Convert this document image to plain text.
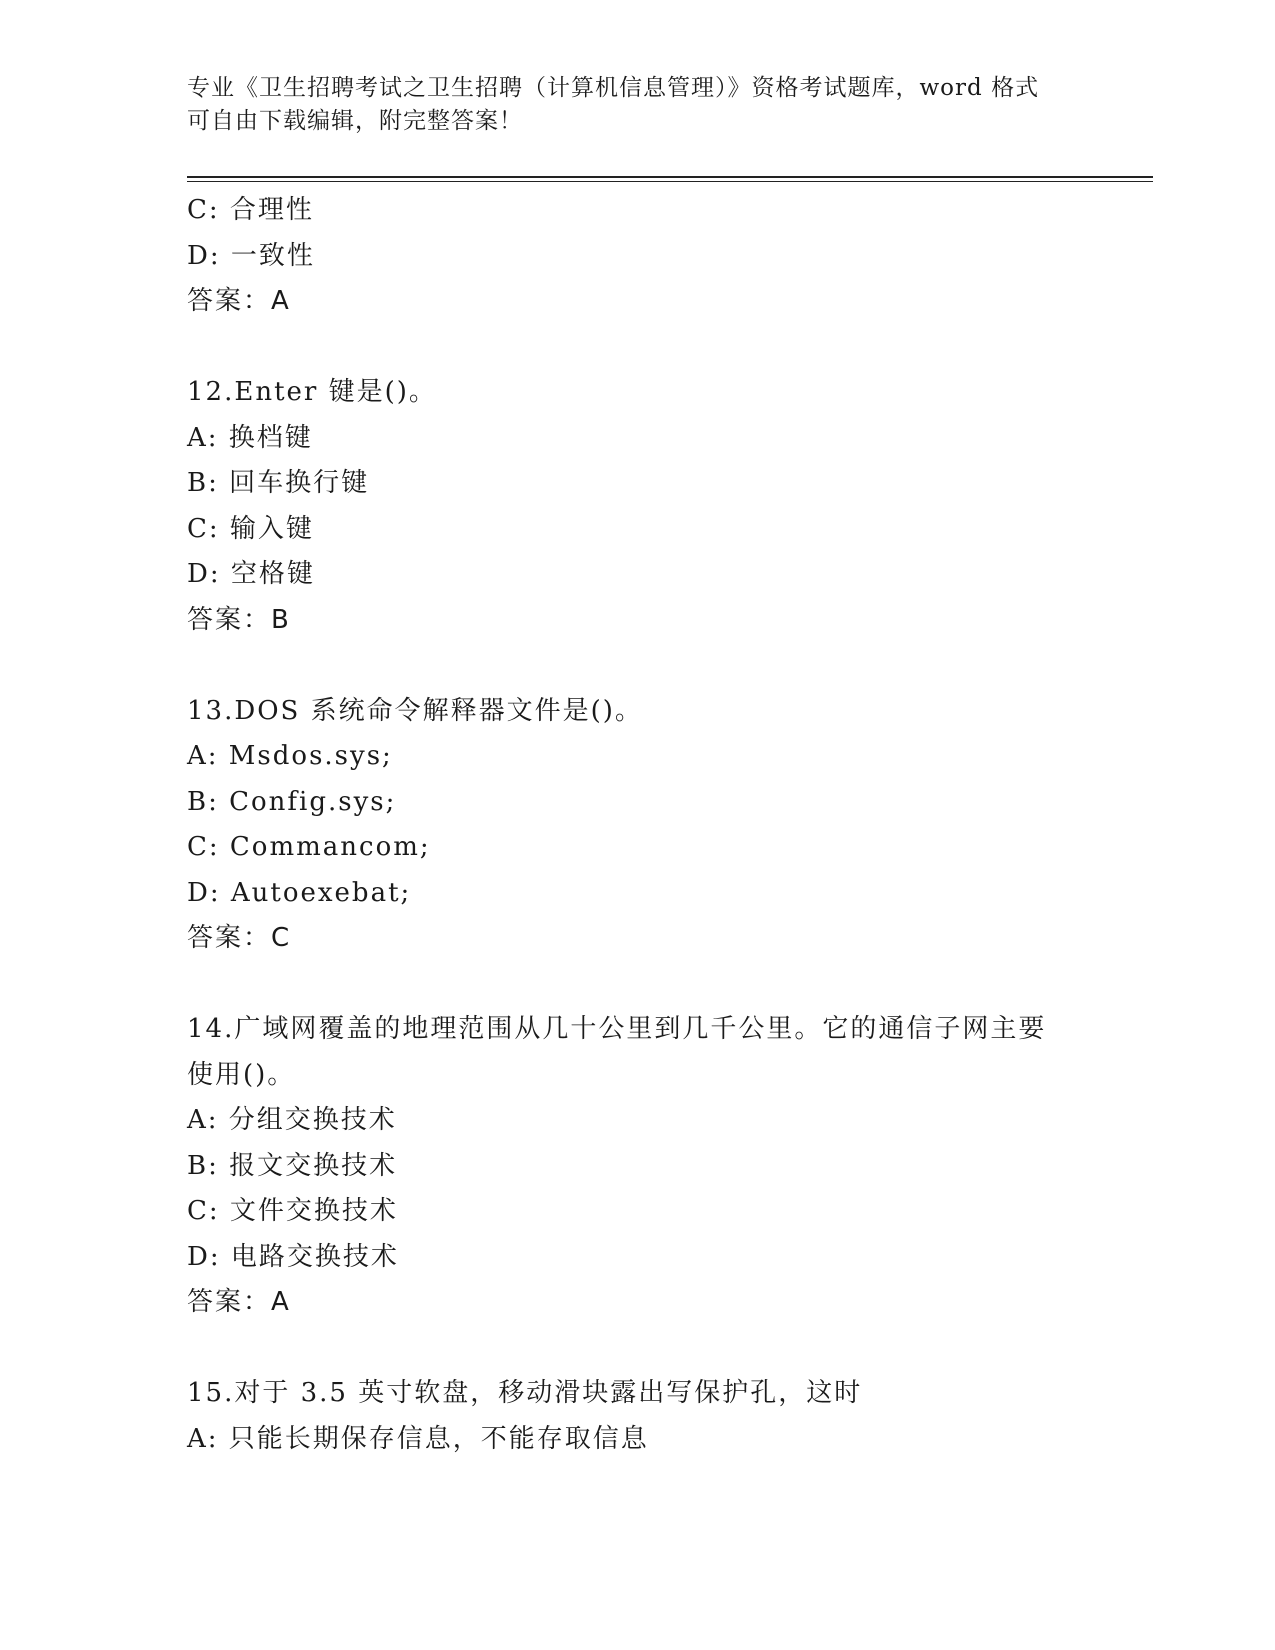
专业《卫生招聘考试之卫生招聘（计算机信息管理）》资格考试题库，word 格式
可自由下载编辑，附完整答案！
C: 合理性
D: 一致性
答案：A
12.Enter 键是()。
A: 换档键
B: 回车换行键
C: 输入键
D: 空格键
答案：B
13.DOS 系统命令解释器文件是()。
A: Msdos.sys;
B: Config.sys;
C: Commancom;
D: Autoexebat;
答案：C
14.广域网覆盖的地理范围从几十公里到几千公里。它的通信子网主要
使用()。
A: 分组交换技术
B: 报文交换技术
C: 文件交换技术
D: 电路交换技术
答案：A
15.对于 3.5 英寸软盘，移动滑块露出写保护孔，这时
A: 只能长期保存信息，不能存取信息
